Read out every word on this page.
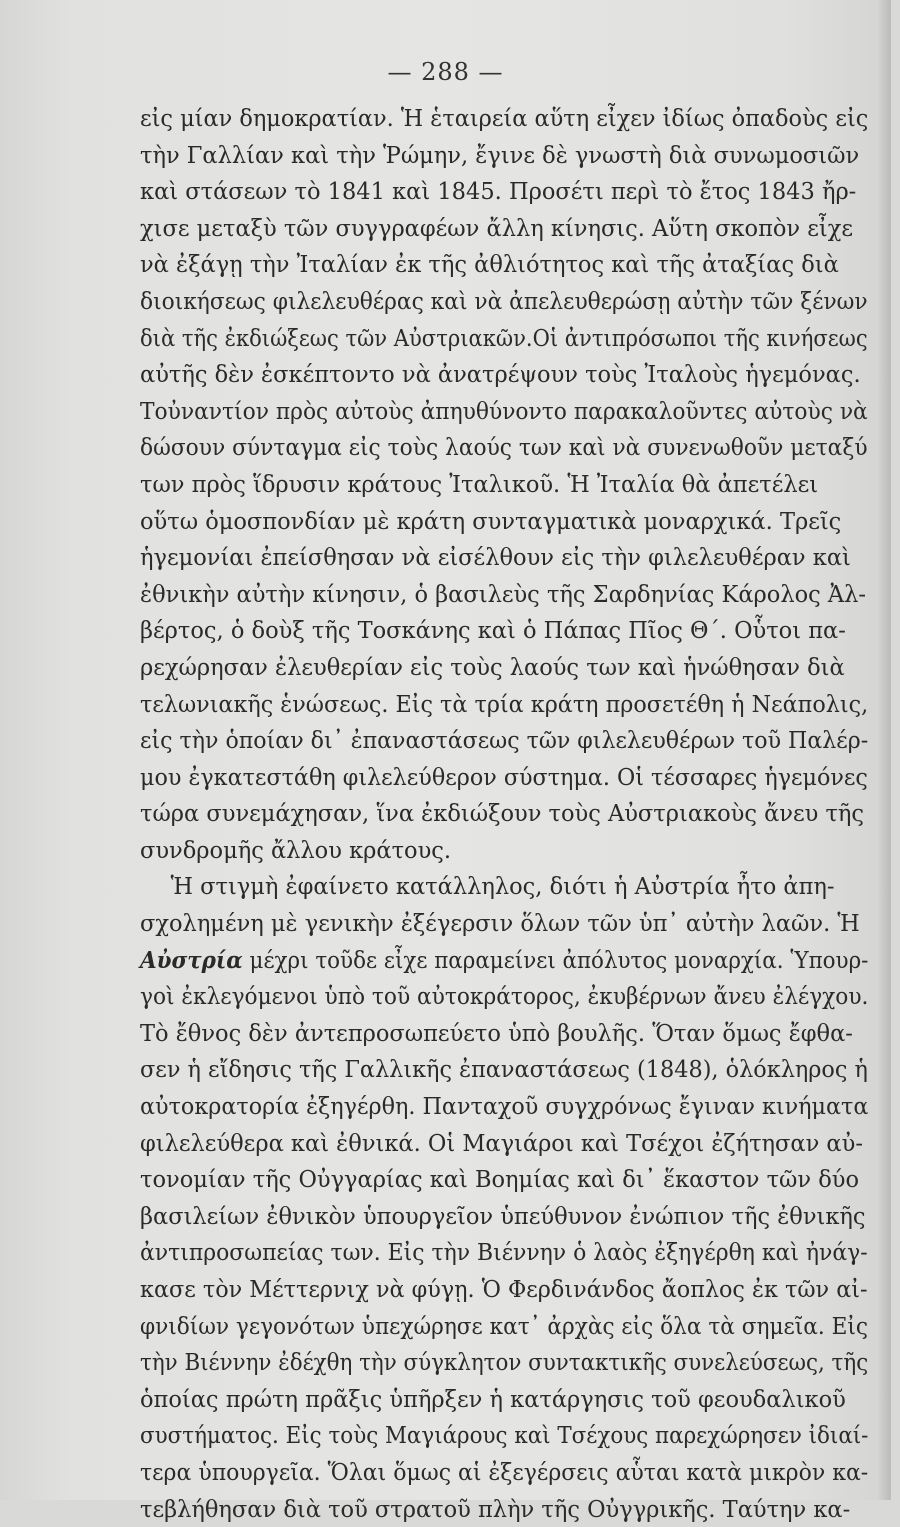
— 288 —
εἰς μίαν δημοκρατίαν. Ἡ ἑταιρεία αὕτη εἶχεν ἰδίως ὀπαδοὺς εἰς
τὴν Γαλλίαν καὶ τὴν Ῥώμην, ἔγινε δὲ γνωστὴ διὰ συνωμοσιῶν
καὶ στάσεων τὸ 1841 καὶ 1845. Προσέτι περὶ τὸ ἔτος 1843 ἤρ-
χισε μεταξὺ τῶν συγγραφέων ἄλλη κίνησις. Αὕτη σκοπὸν εἶχε
νὰ ἐξάγῃ τὴν Ἰταλίαν ἐκ τῆς ἀθλιότητος καὶ τῆς ἀταξίας διὰ
διοικήσεως φιλελευθέρας καὶ νὰ ἀπελευθερώσῃ αὐτὴν τῶν ξένων
διὰ τῆς ἐκδιώξεως τῶν Αὐστριακῶν.Οἱ ἀντιπρόσωποι τῆς κινήσεως
αὐτῆς δὲν ἐσκέπτοντο νὰ ἀνατρέψουν τοὺς Ἰταλοὺς ἡγεμόνας.
Τοὐναντίον πρὸς αὐτοὺς ἀπηυθύνοντο παρακαλοῦντες αὐτοὺς νὰ
δώσουν σύνταγμα εἰς τοὺς λαούς των καὶ νὰ συνενωθοῦν μεταξύ
των πρὸς ἵδρυσιν κράτους Ἰταλικοῦ. Ἡ Ἰταλία θὰ ἀπετέλει
οὕτω ὁμοσπονδίαν μὲ κράτη συνταγματικὰ μοναρχικά. Τρεῖς
ἡγεμονίαι ἐπείσθησαν νὰ εἰσέλθουν εἰς τὴν φιλελευθέραν καὶ
ἐθνικὴν αὐτὴν κίνησιν, ὁ βασιλεὺς τῆς Σαρδηνίας Κάρολος Ἀλ-
βέρτος, ὁ δοὺξ τῆς Τοσκάνης καὶ ὁ Πάπας Πῖος Θ΄. Οὗτοι πα-
ρεχώρησαν ἐλευθερίαν εἰς τοὺς λαούς των καὶ ἡνώθησαν διὰ
τελωνιακῆς ἑνώσεως. Εἰς τὰ τρία κράτη προσετέθη ἡ Νεάπολις,
εἰς τὴν ὁποίαν δι᾽ ἐπαναστάσεως τῶν φιλελευθέρων τοῦ Παλέρ-
μου ἐγκατεστάθη φιλελεύθερον σύστημα. Οἱ τέσσαρες ἡγεμόνες
τώρα συνεμάχησαν, ἵνα ἐκδιώξουν τοὺς Αὐστριακοὺς ἄνευ τῆς
συνδρομῆς ἄλλου κράτους.
Ἡ στιγμὴ ἐφαίνετο κατάλληλος, διότι ἡ Αὐστρία ἦτο ἀπη-
σχολημένη μὲ γενικὴν ἐξέγερσιν ὅλων τῶν ὑπ᾽ αὐτὴν λαῶν. Ἡ
Αὐστρία μέχρι τοῦδε εἶχε παραμείνει ἀπόλυτος μοναρχία. Ὑπουρ-
γοὶ ἐκλεγόμενοι ὑπὸ τοῦ αὐτοκράτορος, ἐκυβέρνων ἄνευ ἐλέγχου.
Τὸ ἔθνος δὲν ἀντεπροσωπεύετο ὑπὸ βουλῆς. Ὅταν ὅμως ἔφθα-
σεν ἡ εἴδησις τῆς Γαλλικῆς ἐπαναστάσεως (1848), ὁλόκληρος ἡ
αὐτοκρατορία ἐξηγέρθη. Πανταχοῦ συγχρόνως ἔγιναν κινήματα
φιλελεύθερα καὶ ἐθνικά. Οἱ Μαγιάροι καὶ Τσέχοι ἐζήτησαν αὐ-
τονομίαν τῆς Οὐγγαρίας καὶ Βοημίας καὶ δι᾽ ἕκαστον τῶν δύο
βασιλείων ἐθνικὸν ὑπουργεῖον ὑπεύθυνον ἐνώπιον τῆς ἐθνικῆς
ἀντιπροσωπείας των. Εἰς τὴν Βιέννην ὁ λαὸς ἐξηγέρθη καὶ ἠνάγ-
κασε τὸν Μέττερνιχ νὰ φύγῃ. Ὁ Φερδινάνδος ἄοπλος ἐκ τῶν αἰ-
φνιδίων γεγονότων ὑπεχώρησε κατ᾽ ἀρχὰς εἰς ὅλα τὰ σημεῖα. Εἰς
τὴν Βιέννην ἐδέχθη τὴν σύγκλητον συντακτικῆς συνελεύσεως, τῆς
ὁποίας πρώτη πρᾶξις ὑπῆρξεν ἡ κατάργησις τοῦ φεουδαλικοῦ
συστήματος. Εἰς τοὺς Μαγιάρους καὶ Τσέχους παρεχώρησεν ἰδιαί-
τερα ὑπουργεῖα. Ὅλαι ὅμως αἱ ἐξεγέρσεις αὗται κατὰ μικρὸν κα-
τεβλήθησαν διὰ τοῦ στρατοῦ πλὴν τῆς Οὐγγρικῆς. Ταύτην κα-
